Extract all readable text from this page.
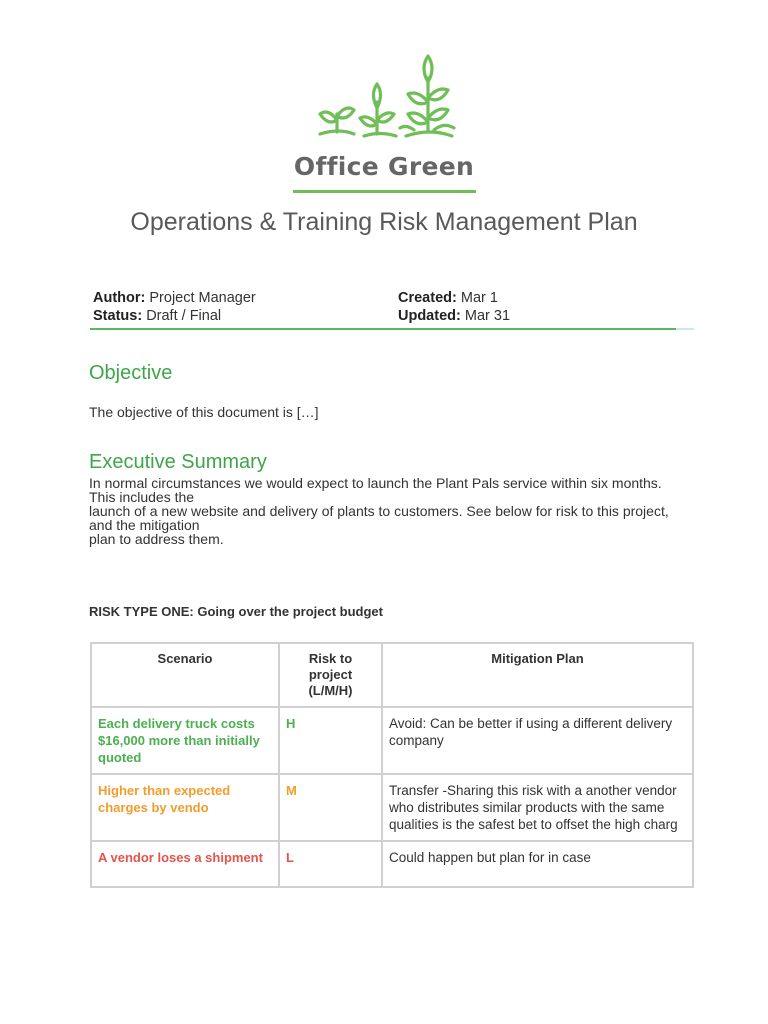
Office Green
Operations & Training Risk Management Plan
Author: Project Manager
Status: Draft / Final
Created: Mar 1
Updated: Mar 31
Objective
The objective of this document is […]
Executive Summary
In normal circumstances we would expect to launch the Plant Pals service within six months.
This includes the
launch of a new website and delivery of plants to customers. See below for risk to this project,
and the mitigation
plan to address them.
RISK TYPE ONE: Going over the project budget
Scenario	Risk to project (L/M/H)	Mitigation Plan
Each delivery truck costs $16,000 more than initially quoted	H	Avoid: Can be better if using a different delivery company
Higher than expected charges by vendo	M	Transfer -Sharing this risk with a another vendor who distributes similar products with the same qualities is the safest bet to offset the high charg
A vendor loses a shipment	L	Could happen but plan for in case
